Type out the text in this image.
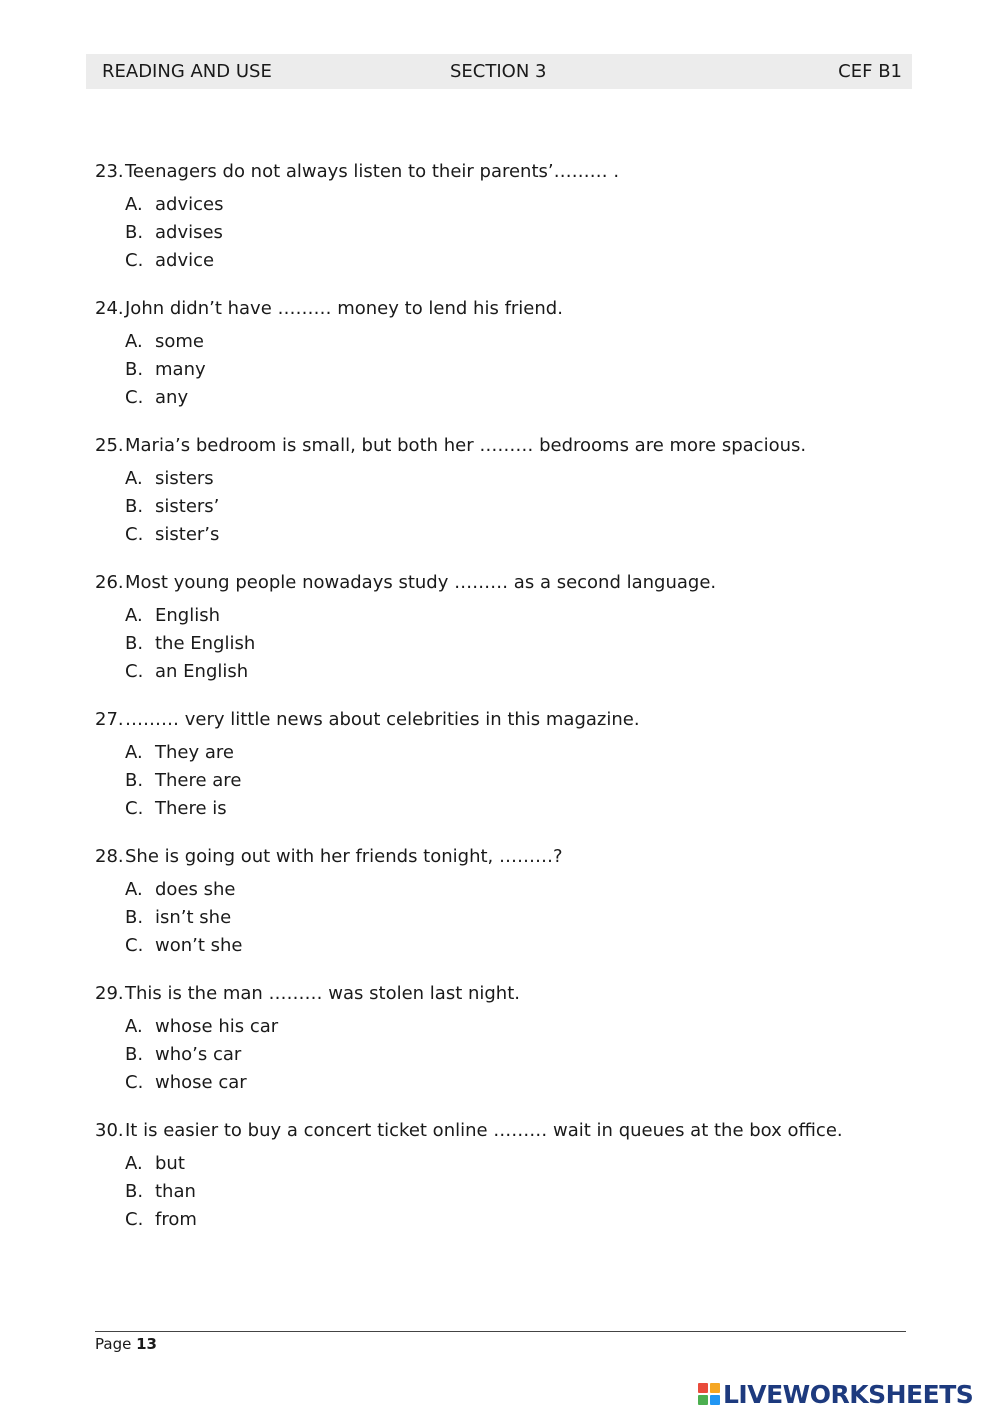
READING AND USE	SECTION 3	CEF B1
23. Teenagers do not always listen to their parents’……… .
A. advices
B. advises
C. advice
24. John didn’t have ……… money to lend his friend.
A. some
B. many
C. any
25. Maria’s bedroom is small, but both her ……… bedrooms are more spacious.
A. sisters
B. sisters’
C. sister’s
26. Most young people nowadays study ……… as a second language.
A. English
B. the English
C. an English
27. ……… very little news about celebrities in this magazine.
A. They are
B. There are
C. There is
28. She is going out with her friends tonight, ………?
A. does she
B. isn’t she
C. won’t she
29. This is the man ……… was stolen last night.
A. whose his car
B. who’s car
C. whose car
30. It is easier to buy a concert ticket online ……… wait in queues at the box office.
A. but
B. than
C. from
Page 13
LIVEWORKSHEETS
